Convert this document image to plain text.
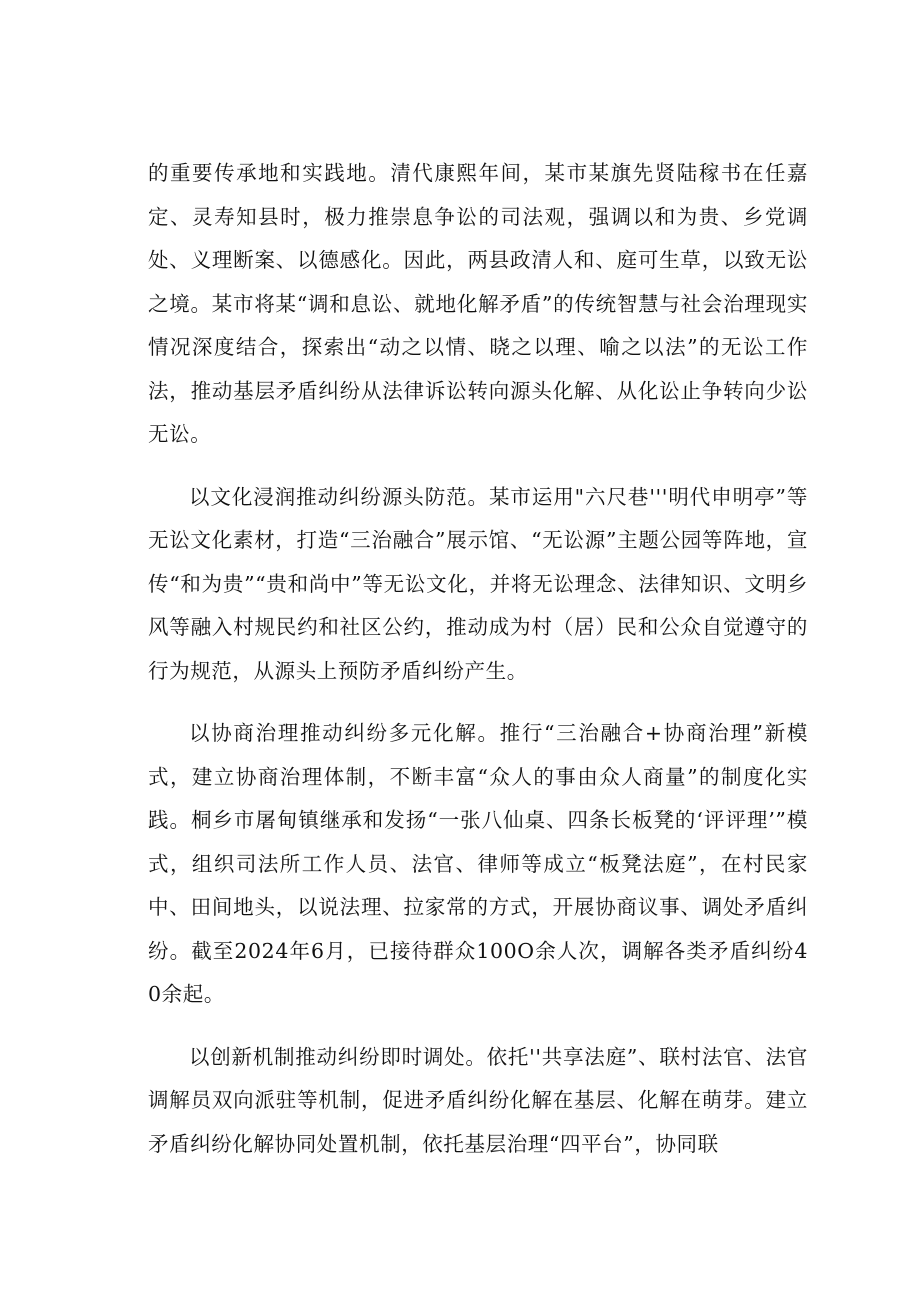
的重要传承地和实践地。清代康熙年间，某市某旗先贤陆稼书在任嘉定、灵寿知县时，极力推崇息争讼的司法观，强调以和为贵、乡党调处、义理断案、以德感化。因此，两县政清人和、庭可生草，以致无讼之境。某市将某“调和息讼、就地化解矛盾”的传统智慧与社会治理现实情况深度结合，探索出“动之以情、晓之以理、喻之以法”的无讼工作法，推动基层矛盾纠纷从法律诉讼转向源头化解、从化讼止争转向少讼无讼。

以文化浸润推动纠纷源头防范。某市运用"六尺巷'''明代申明亭”等无讼文化素材，打造“三治融合”展示馆、“无讼源”主题公园等阵地，宣传“和为贵”“贵和尚中”等无讼文化，并将无讼理念、法律知识、文明乡风等融入村规民约和社区公约，推动成为村（居）民和公众自觉遵守的行为规范，从源头上预防矛盾纠纷产生。

以协商治理推动纠纷多元化解。推行“三治融合+协商治理”新模式，建立协商治理体制，不断丰富“众人的事由众人商量”的制度化实践。桐乡市屠甸镇继承和发扬“一张八仙桌、四条长板凳的‘评评理’”模式，组织司法所工作人员、法官、律师等成立“板凳法庭”，在村民家中、田间地头，以说法理、拉家常的方式，开展协商议事、调处矛盾纠纷。截至2024年6月，已接待群众100O余人次，调解各类矛盾纠纷40余起。

以创新机制推动纠纷即时调处。依托''共享法庭”、联村法官、法官调解员双向派驻等机制，促进矛盾纠纷化解在基层、化解在萌芽。建立矛盾纠纷化解协同处置机制，依托基层治理“四平台”，协同联
